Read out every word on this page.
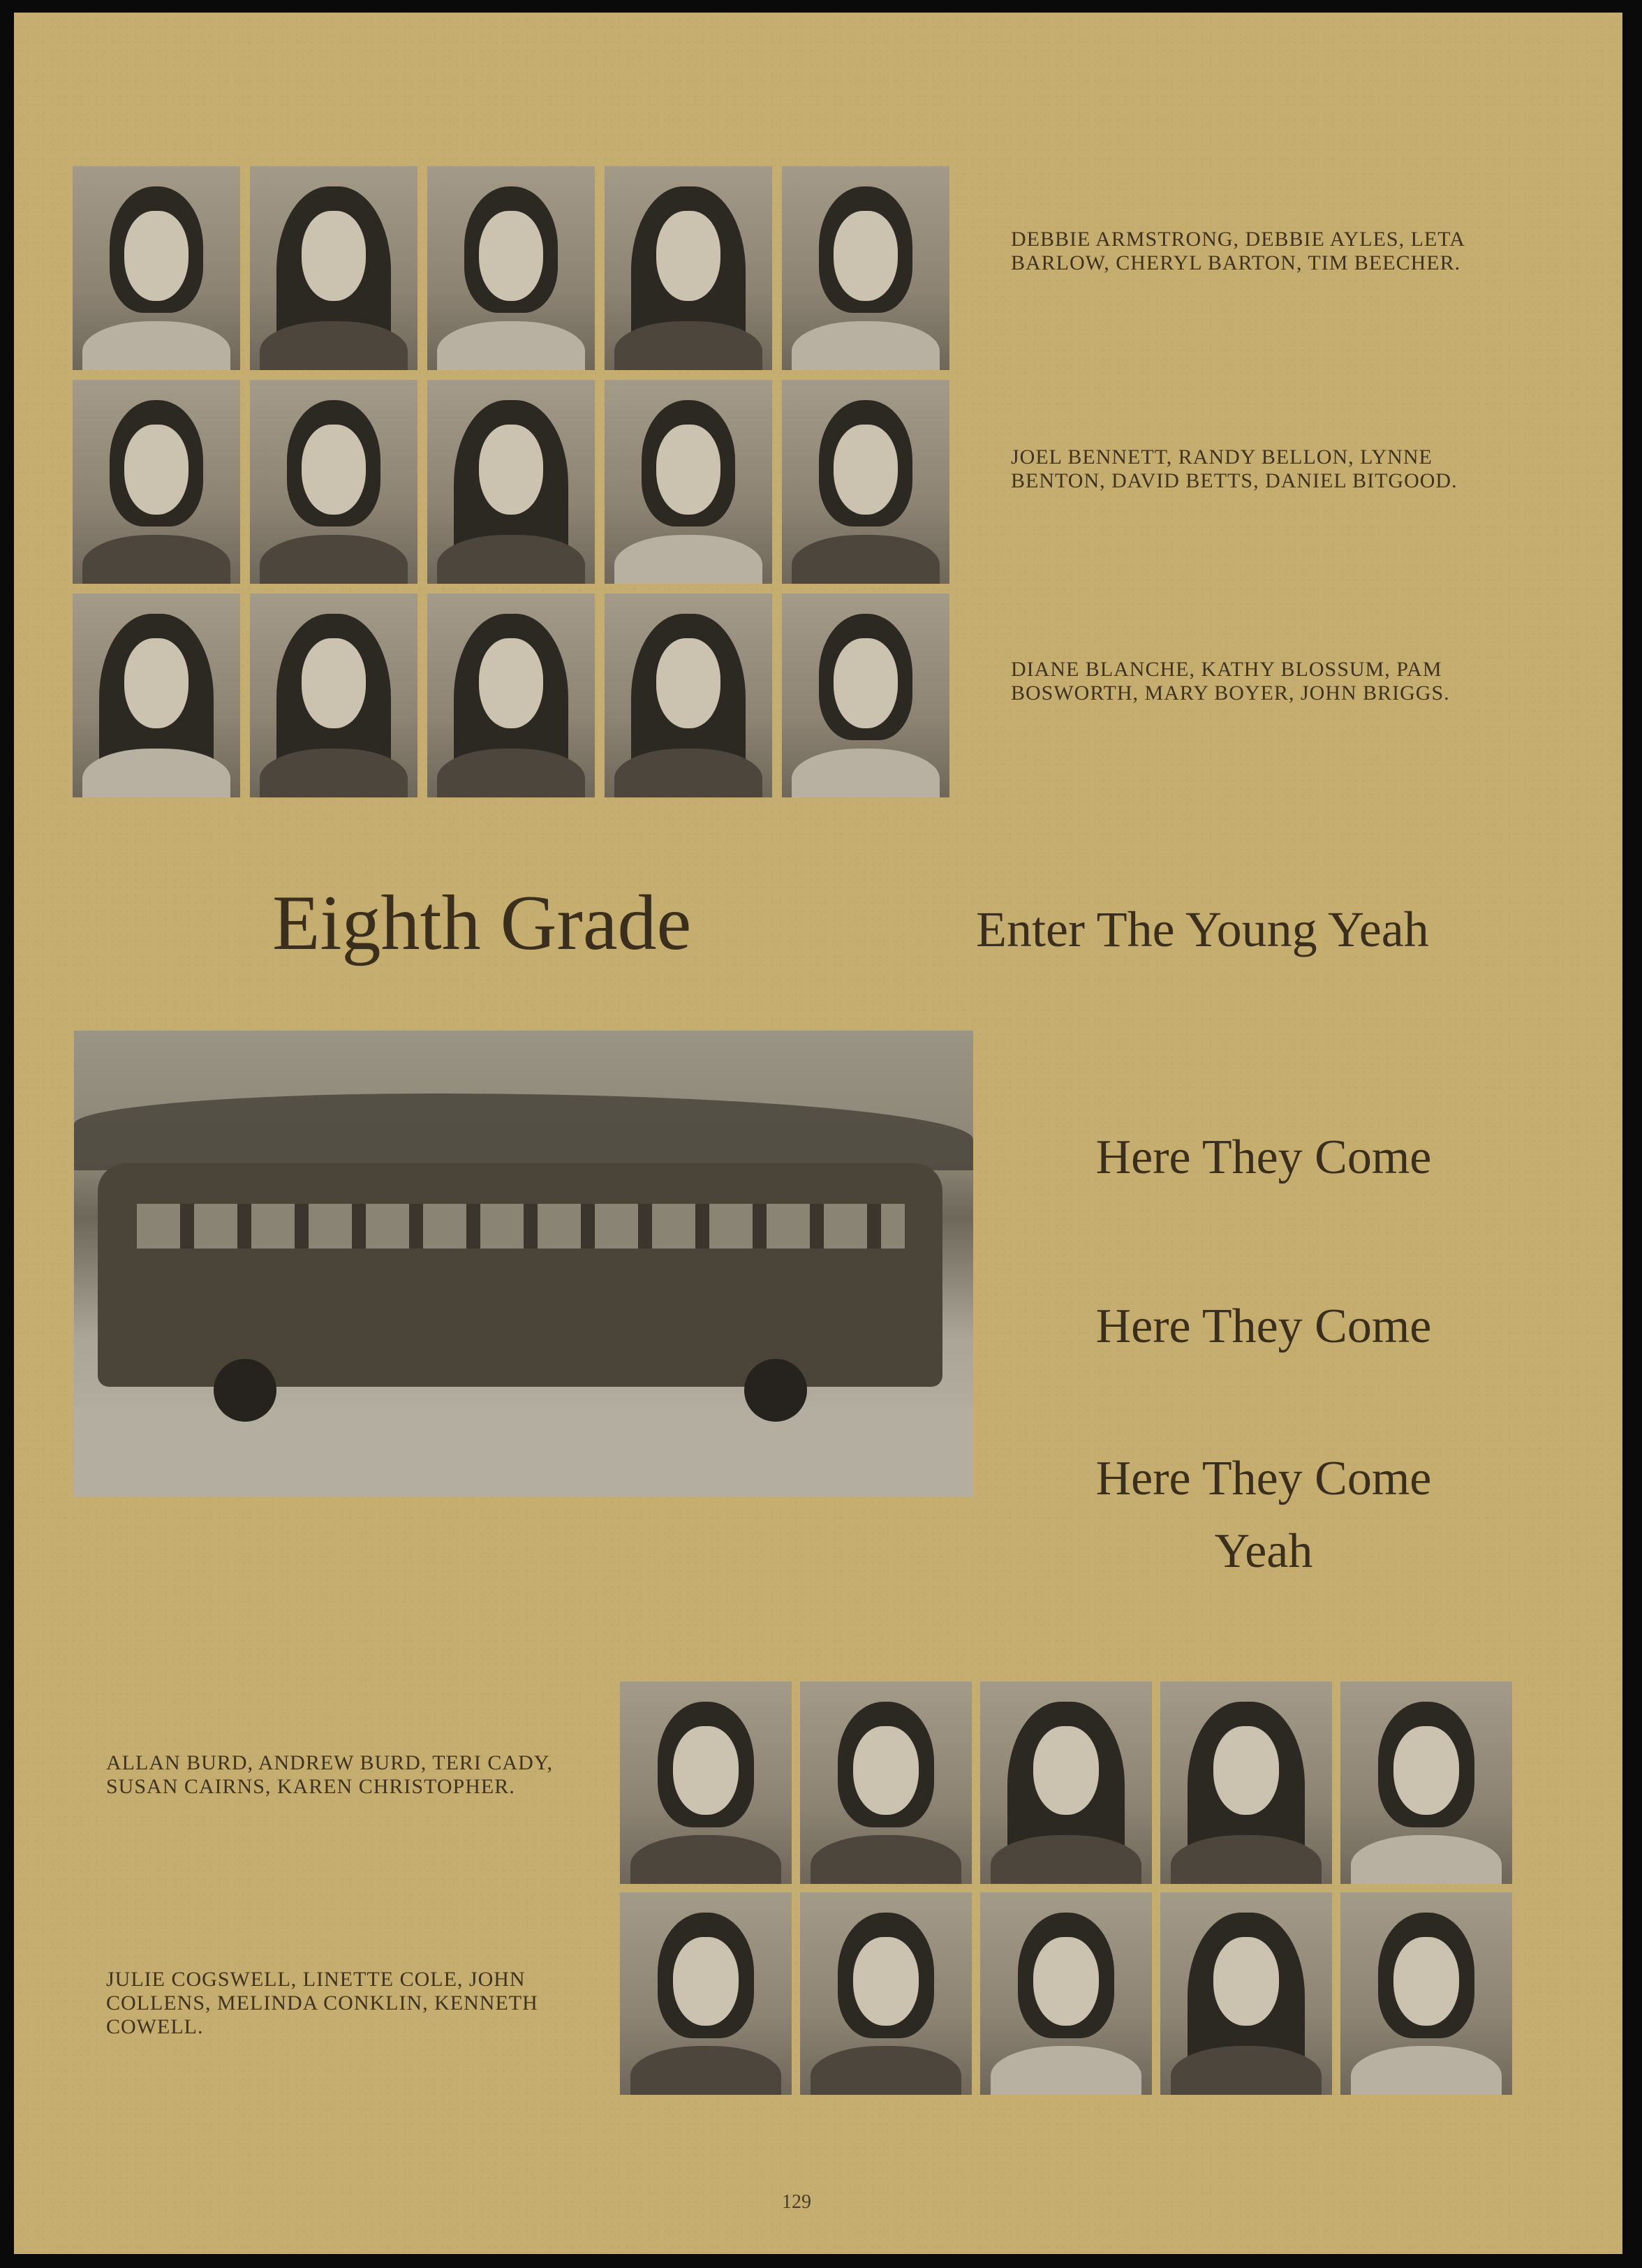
DEBBIE ARMSTRONG, DEBBIE AYLES, LETA BARLOW, CHERYL BARTON, TIM BEECHER.

JOEL BENNETT, RANDY BELLON, LYNNE BENTON, DAVID BETTS, DANIEL BITGOOD.

DIANE BLANCHE, KATHY BLOSSUM, PAM BOSWORTH, MARY BOYER, JOHN BRIGGS.

Eighth Grade	Enter The Young Yeah

Here They Come

Here They Come

Here They Come

Yeah

ALLAN BURD, ANDREW BURD, TERI CADY, SUSAN CAIRNS, KAREN CHRISTOPHER.

JULIE COGSWELL, LINETTE COLE, JOHN COLLENS, MELINDA CONKLIN, KENNETH COWELL.

129
